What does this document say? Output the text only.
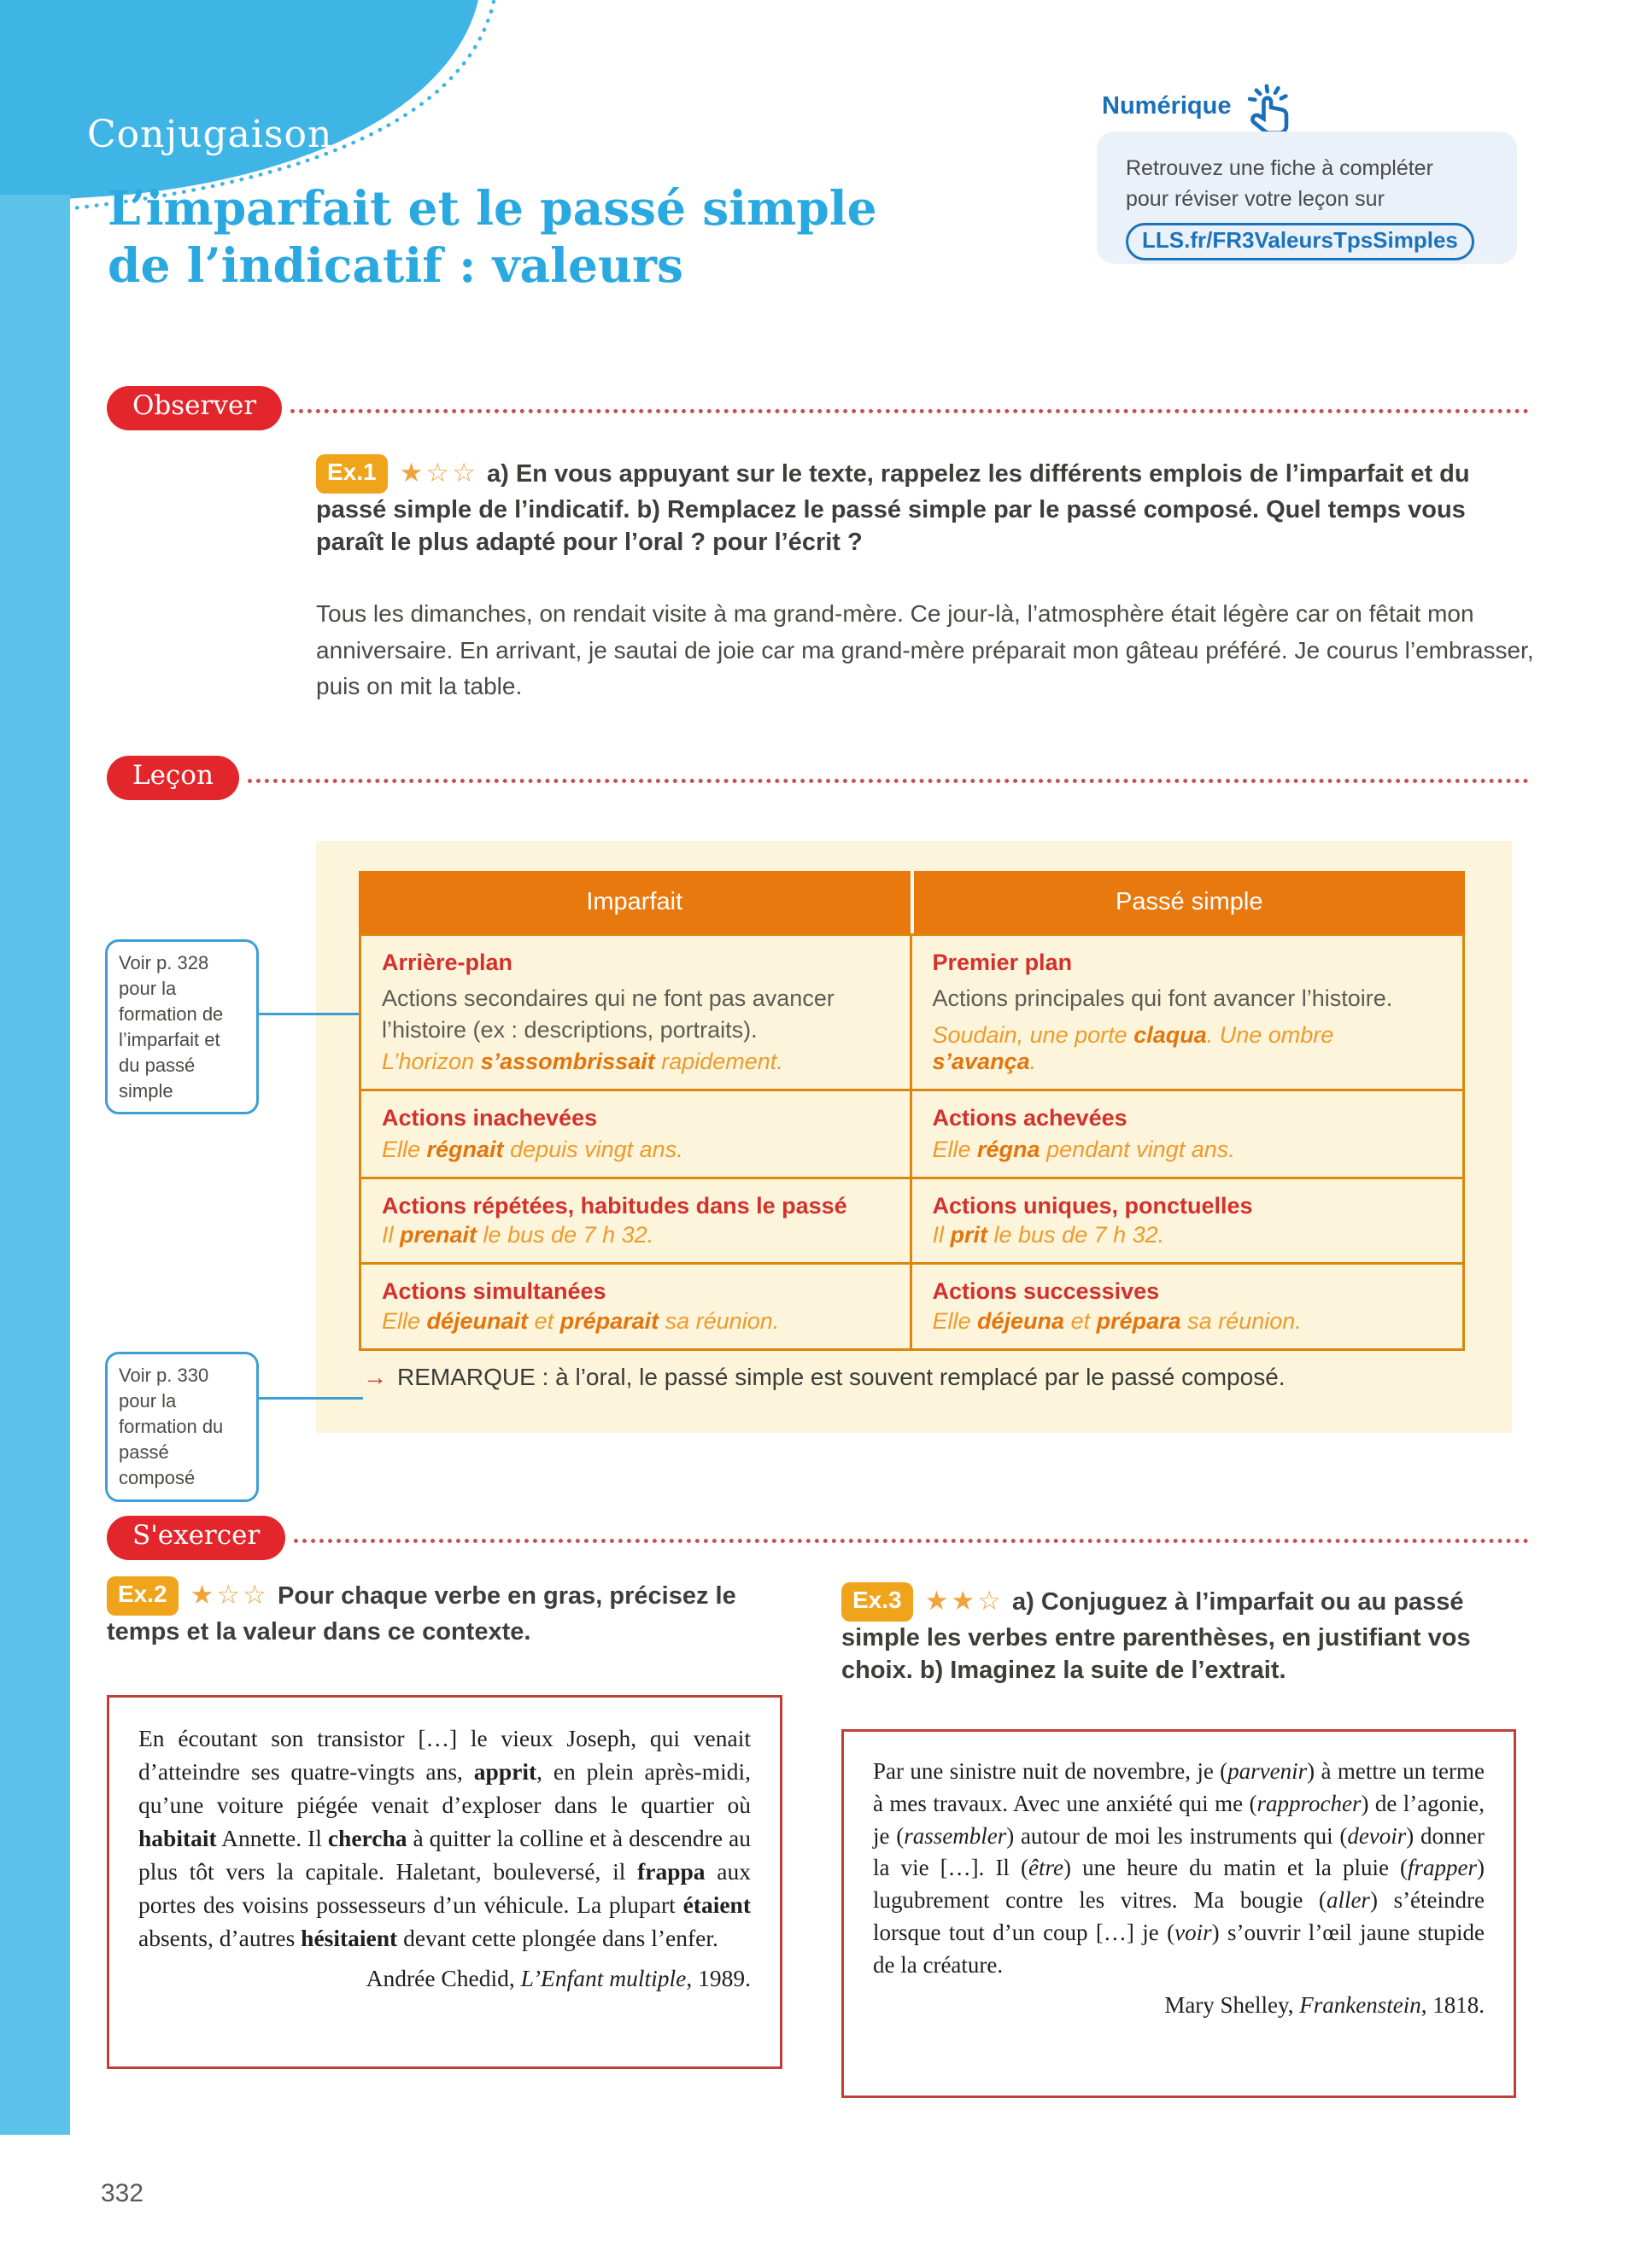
Conjugaison
L’imparfait et le passé simple
de l’indicatif : valeurs
Numérique
Retrouvez une fiche à compléter
pour réviser votre leçon sur
LLS.fr/FR3ValeursTpsSimples
Observer

Ex.1 ★☆☆ a) En vous appuyant sur le texte, rappelez les différents emplois de l’imparfait et du passé simple de l’indicatif. b) Remplacez le passé simple par le passé composé. Quel temps vous paraît le plus adapté pour l’oral ? pour l’écrit ?

Tous les dimanches, on rendait visite à ma grand-mère. Ce jour-là, l’atmosphère était légère car on fêtait mon anniversaire. En arrivant, je sautai de joie car ma grand-mère préparait mon gâteau préféré. Je courus l’embrasser, puis on mit la table.

Leçon
Imparfait	Passé simple

Arrière-plan

Actions secondaires qui ne font pas avancer l’histoire (ex : descriptions, portraits).

L’horizon s’assombrissait rapidement.

Premier plan

Actions principales qui font avancer l’histoire.

Soudain, une porte claqua. Une ombre s’avança.

Actions inachevées

Elle régnait depuis vingt ans.

Actions achevées

Elle régna pendant vingt ans.

Actions répétées, habitudes dans le passé

Il prenait le bus de 7 h 32.

Actions uniques, ponctuelles

Il prit le bus de 7 h 32.

Actions simultanées

Elle déjeunait et préparait sa réunion.

Actions successives

Elle déjeuna et prépara sa réunion.

→ REMARQUE : à l’oral, le passé simple est souvent remplacé par le passé composé.
Voir p. 328 pour la formation de l’imparfait et du passé simple
Voir p. 330 pour la formation du passé composé
S'exercer

Ex.2 ★☆☆ Pour chaque verbe en gras, précisez le temps et la valeur dans ce contexte.

En écoutant son transistor […] le vieux Joseph, qui venait d’atteindre ses quatre-vingts ans, apprit, en plein après-midi, qu’une voiture piégée venait d’exploser dans le quartier où habitait Annette. Il chercha à quitter la colline et à descendre au plus tôt vers la capitale. Haletant, bouleversé, il frappa aux portes des voisins possesseurs d’un véhicule. La plupart étaient absents, d’autres hésitaient devant cette plongée dans l’enfer.

Andrée Chedid, L’Enfant multiple, 1989.

Ex.3 ★★☆ a) Conjuguez à l’imparfait ou au passé simple les verbes entre parenthèses, en justifiant vos choix. b) Imaginez la suite de l’extrait.

Par une sinistre nuit de novembre, je (parvenir) à mettre un terme à mes travaux. Avec une anxiété qui me (rapprocher) de l’agonie, je (rassembler) autour de moi les instruments qui (devoir) donner la vie […]. Il (être) une heure du matin et la pluie (frapper) lugubrement contre les vitres. Ma bougie (aller) s’éteindre lorsque tout d’un coup […] je (voir) s’ouvrir l’œil jaune stupide de la créature.

Mary Shelley, Frankenstein, 1818.

332
